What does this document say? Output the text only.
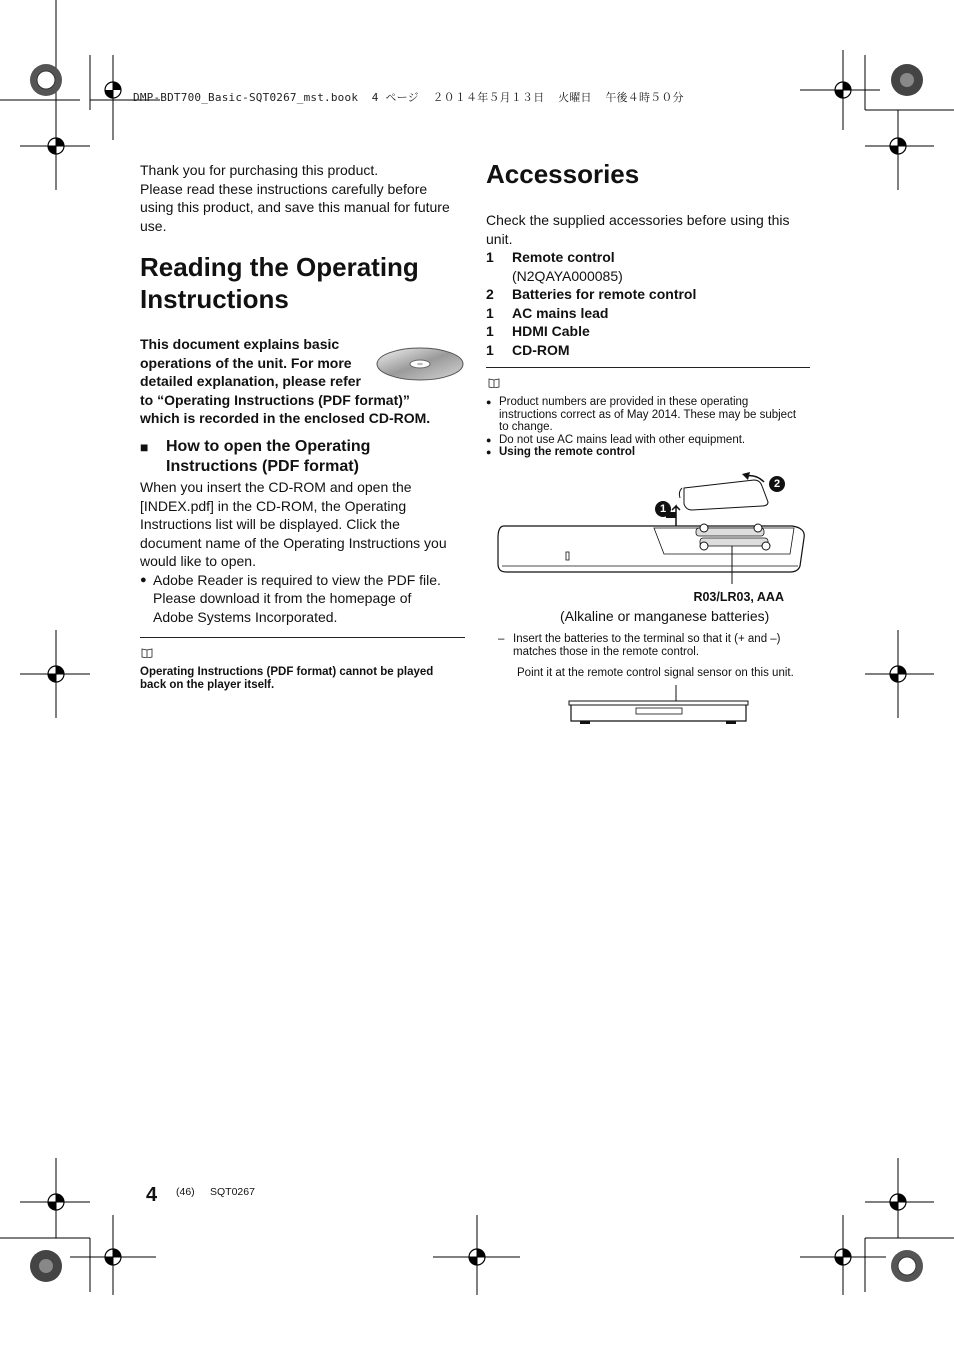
DMP-BDT700_Basic-SQT0267_mst.book  4 ページ  ２０１４年５月１３日  火曜日  午後４時５０分

Thank you for purchasing this product.

Please read these instructions carefully before

using this product, and save this manual for future

use.

Reading the Operating
Instructions

This document explains basic

operations of the unit. For more

detailed explanation, please refer

to “Operating Instructions (PDF format)”

which is recorded in the enclosed CD-ROM.

■	How to open the Operating
Instructions (PDF format)

When you insert the CD-ROM and open the

[INDEX.pdf] in the CD-ROM, the Operating

Instructions list will be displayed. Click the

document name of the Operating Instructions you

would like to open.

● Adobe Reader is required to view the PDF file.
Please download it from the homepage of
Adobe Systems Incorporated.
Operating Instructions (PDF format) cannot be played
back on the player itself.
Accessories

Check the supplied accessories before using this

unit.

1	Remote control
(N2QAYA000085)
2	Batteries for remote control
1	AC mains lead
1	HDMI Cable
1	CD-ROM
● Product numbers are provided in these operating
instructions correct as of May 2014. These may be subject
to change.
● Do not use AC mains lead with other equipment.
● Using the remote control
1
2
R03/LR03, AAA
(Alkaline or manganese batteries)
– Insert the batteries to the terminal so that it (+ and –)
matches those in the remote control.
Point it at the remote control signal sensor on this unit.
4 (46) SQT0267
